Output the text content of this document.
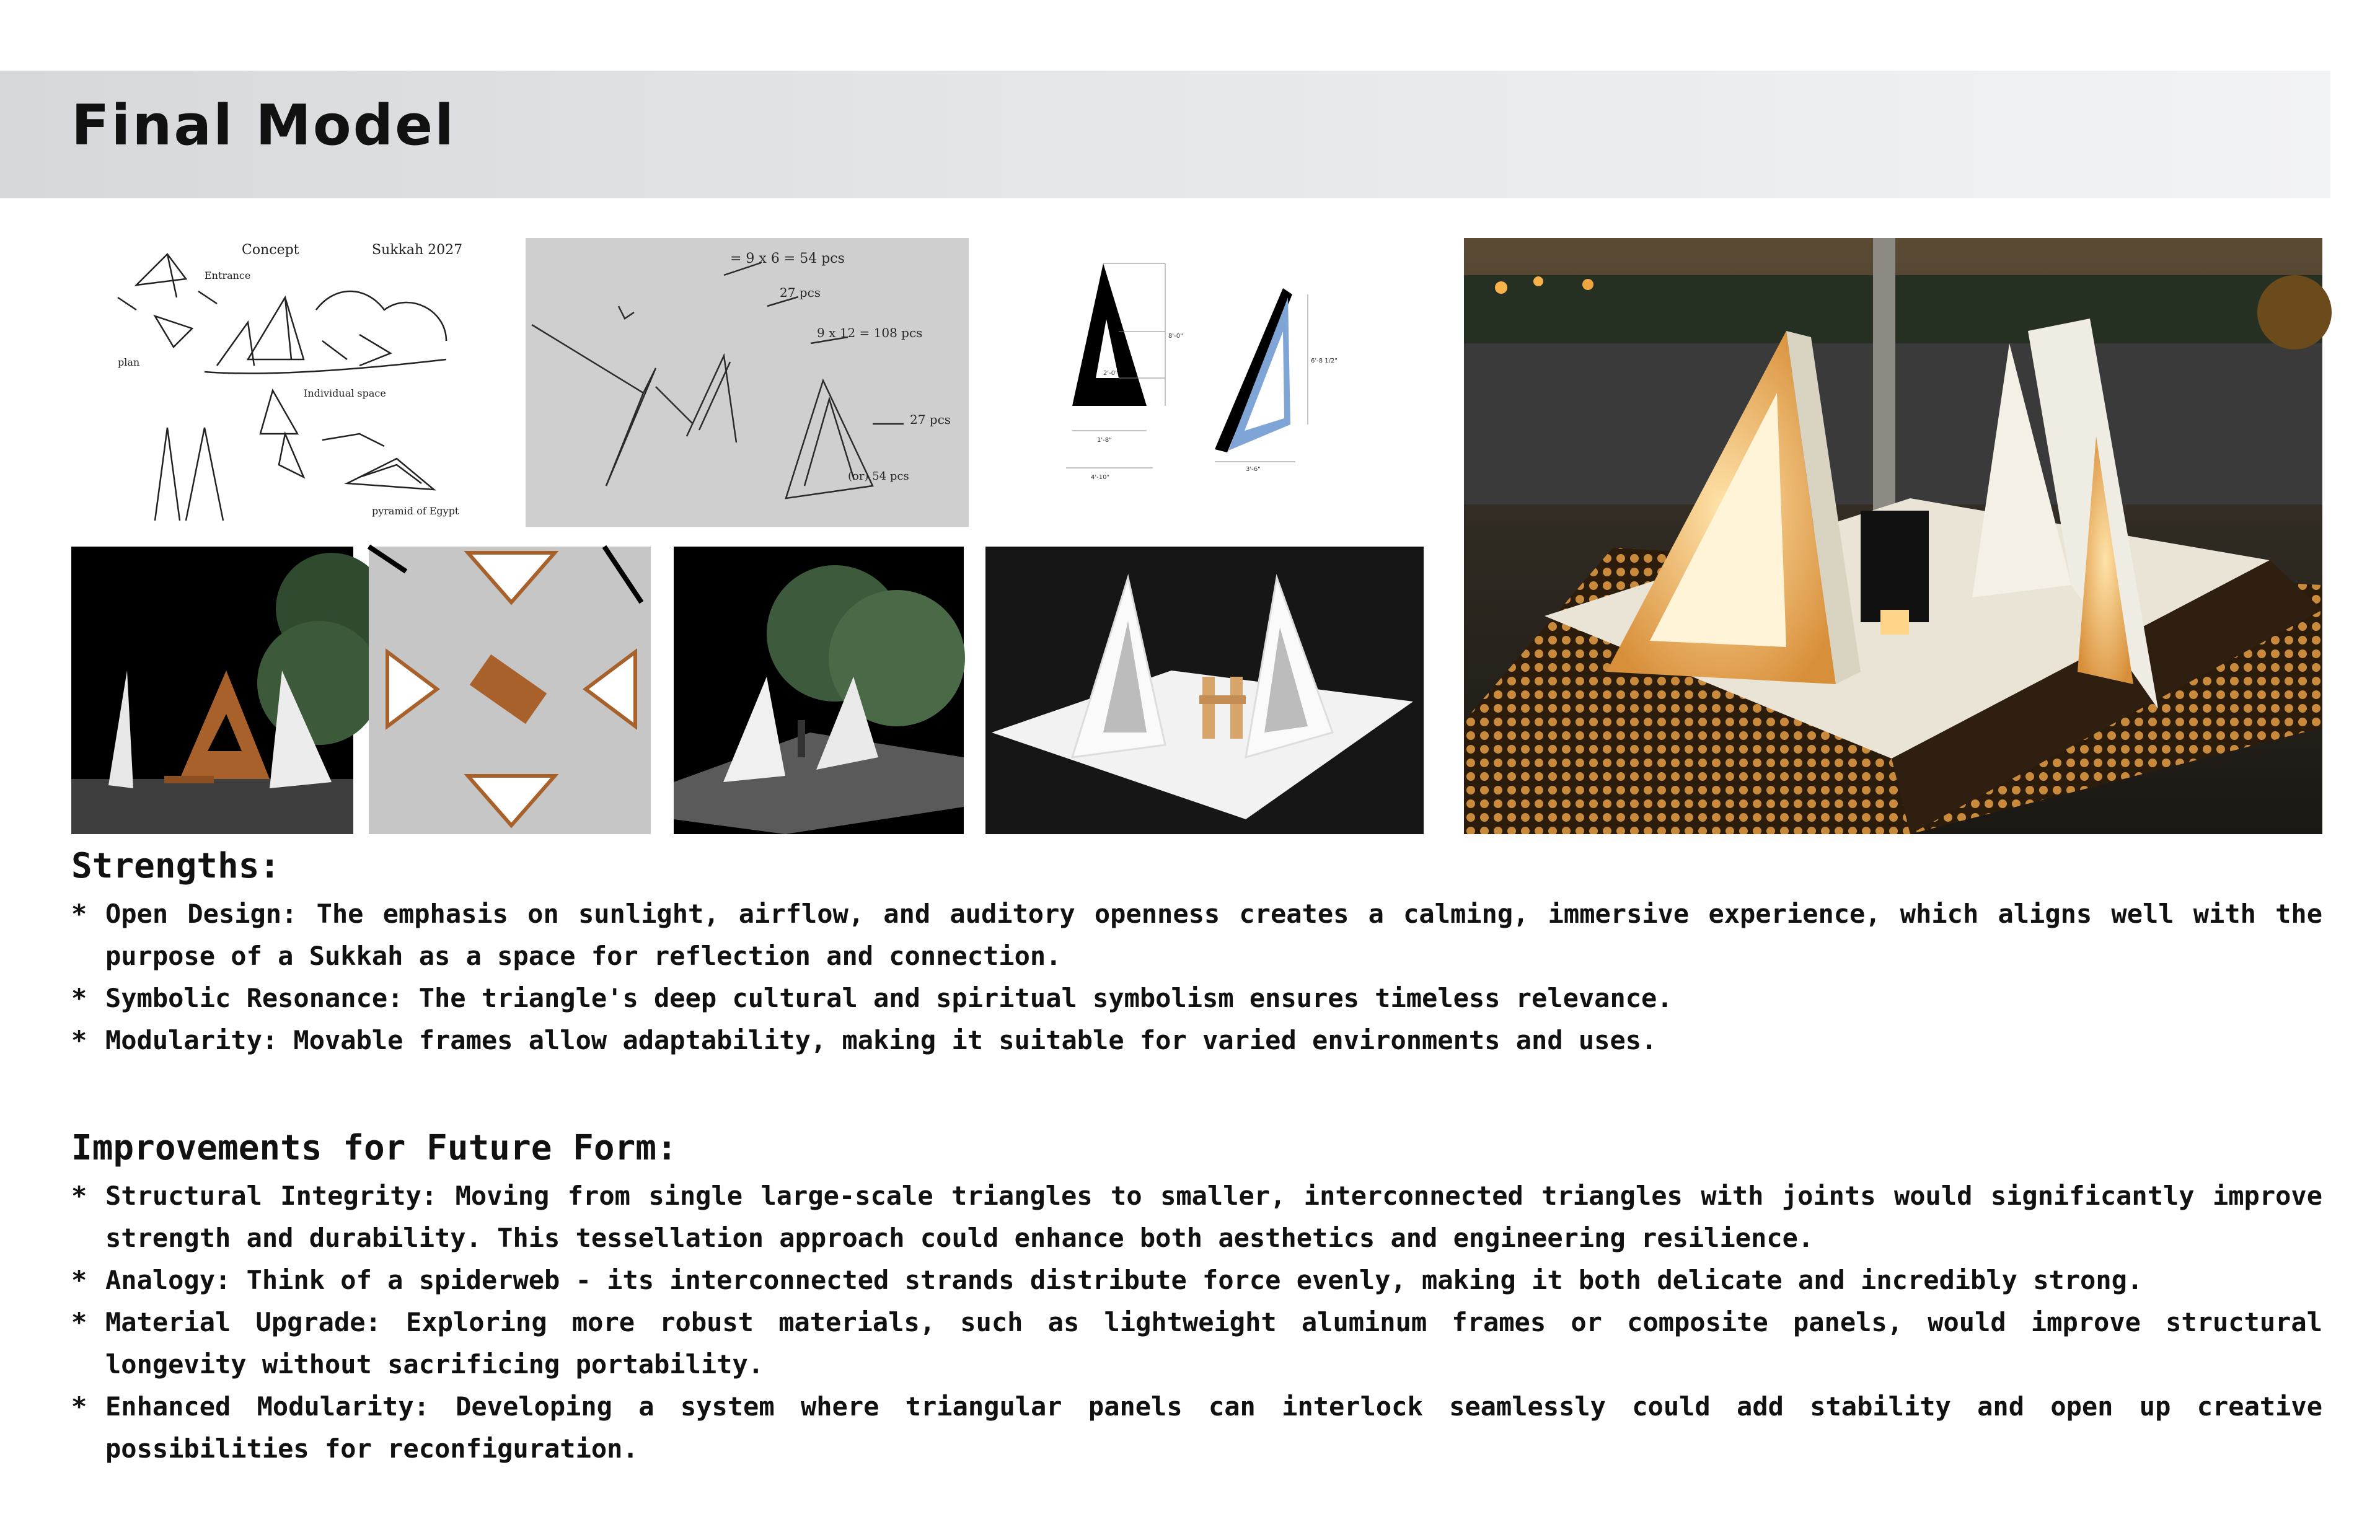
Final Model
Concept	Sukkah 2027
Entrance
plan
Individual space
pyramid of Egypt
= 9 x 6 = 54 pcs
27 pcs
9 x 12 = 108 pcs
27 pcs
(or) 54 pcs
8'-0"
2'-0"
1'-8"
4'-10"
6'-8 1/2"
3'-6"
Strengths:
* Open Design: The emphasis on sunlight, airflow, and auditory openness creates a calming, immersive experience, which aligns well with the purpose of a Sukkah as a space for reflection and connection.
* Symbolic Resonance: The triangle's deep cultural and spiritual symbolism ensures timeless relevance.
* Modularity: Movable frames allow adaptability, making it suitable for varied environments and uses.
Improvements for Future Form:
* Structural Integrity: Moving from single large-scale triangles to smaller, interconnected triangles with joints would significantly improve strength and durability. This tessellation approach could enhance both aesthetics and engineering resilience.
* Analogy: Think of a spiderweb - its interconnected strands distribute force evenly, making it both delicate and incredibly strong.
* Material Upgrade: Exploring more robust materials, such as lightweight aluminum frames or composite panels, would improve structural longevity without sacrificing portability.
* Enhanced Modularity: Developing a system where triangular panels can interlock seamlessly could add stability and open up creative possibilities for reconfiguration.
